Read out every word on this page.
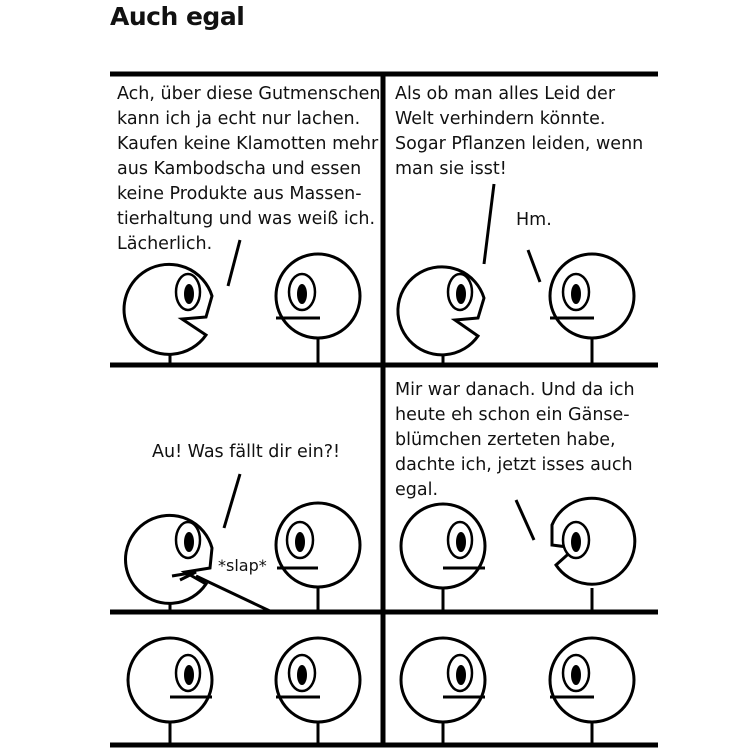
Auch egal
Ach, über diese Gutmenschen
kann ich ja echt nur lachen.
Kaufen keine Klamotten mehr
aus Kambodscha und essen
keine Produkte aus Massen-
tierhaltung und was weiß ich.
Lächerlich.
Als ob man alles Leid der
Welt verhindern könnte.
Sogar Pflanzen leiden, wenn
man sie isst!
Hm.
Au! Was fällt dir ein?!
*slap*
Mir war danach. Und da ich
heute eh schon ein Gänse-
blümchen zerteten habe,
dachte ich, jetzt isses auch
egal.
